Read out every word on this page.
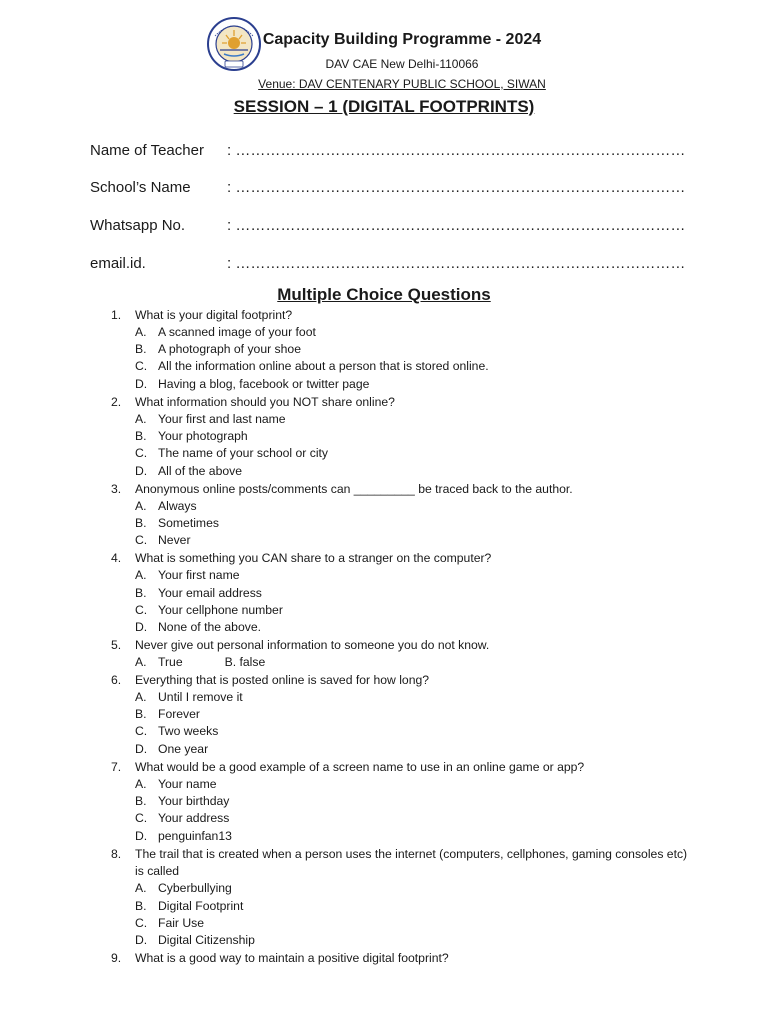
Capacity Building Programme - 2024
DAV CAE New Delhi-110066
Venue: DAV CENTENARY PUBLIC SCHOOL, SIWAN
SESSION – 1 (DIGITAL FOOTPRINTS)
Name of Teacher : ………………………………………………………………………………
School’s Name : ………………………………………………………………………………
Whatsapp No.	: ………………………………………………………………………………
email.id.	: ………………………………………………………………………………
Multiple Choice Questions
1. What is your digital footprint?
A. A scanned image of your foot
B. A photograph of your shoe
C. All the information online about a person that is stored online.
D. Having a blog, facebook or twitter page
2. What information should you NOT share online?
A. Your first and last name
B. Your photograph
C. The name of your school or city
D. All of the above
3. Anonymous online posts/comments can _________ be traced back to the author.
A. Always
B. Sometimes
C. Never
4. What is something you CAN share to a stranger on the computer?
A. Your first name
B. Your email address
C. Your cellphone number
D. None of the above.
5. Never give out personal information to someone you do not know.
A. True	B. false
6. Everything that is posted online is saved for how long?
A. Until I remove it
B. Forever
C. Two weeks
D. One year
7. What would be a good example of a screen name to use in an online game or app?
A. Your name
B. Your birthday
C. Your address
D. penguinfan13
8. The trail that is created when a person uses the internet (computers, cellphones, gaming consoles etc)
is called
A. Cyberbullying
B. Digital Footprint
C. Fair Use
D. Digital Citizenship
9. What is a good way to maintain a positive digital footprint?
